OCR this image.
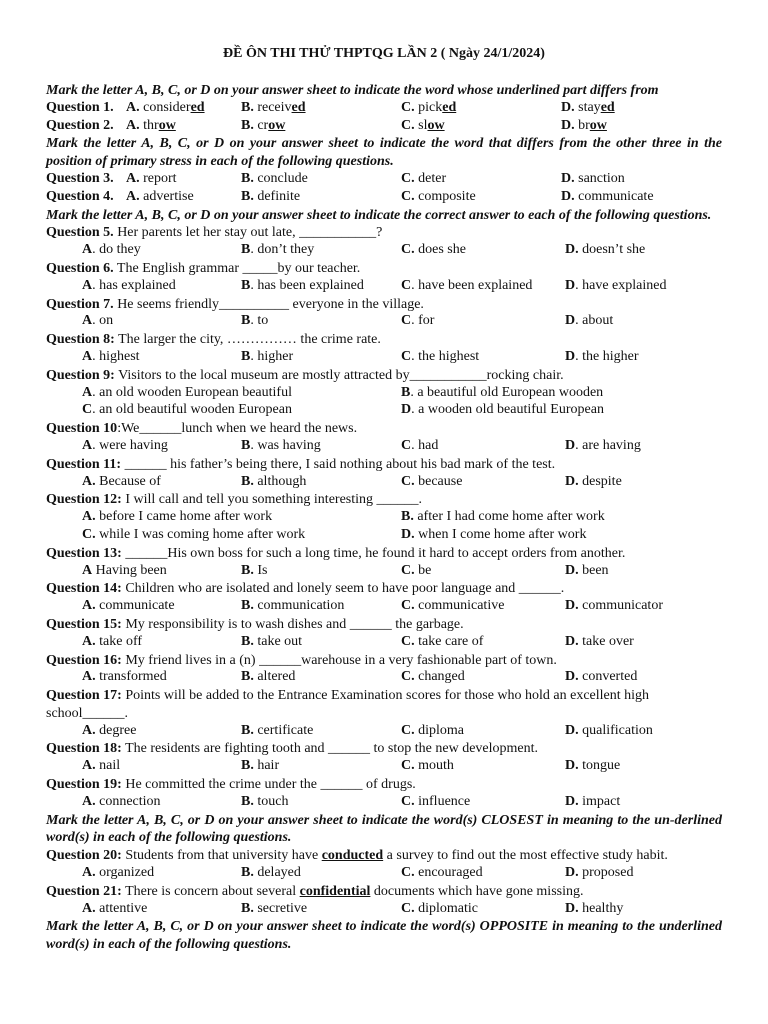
ĐỀ ÔN THI THỬ THPTQG LẦN 2 ( Ngày 24/1/2024)
Mark the letter A, B, C, or D on your answer sheet to indicate the word whose underlined part differs from
Question 1. A. considered	B. received	C. picked	D. stayed
Question 2. A. throw	B. crow	C. slow	D. brow
Mark the letter A, B, C, or D on your answer sheet to indicate the word that differs from the other three in the position of primary stress in each of the following questions.
Question 3. A. report	B. conclude	C. deter	D. sanction
Question 4. A. advertise	B. definite	C. composite	D. communicate
Mark the letter A, B, C, or D on your answer sheet to indicate the correct answer to each of the following questions.
Question 5. Her parents let her stay out late, ___________?
A. do they	B. don’t they	C. does she	D. doesn’t she
Question 6. The English grammar _____by our teacher.
A. has explained	B. has been explained	C. have been explained D. have explained
Question 7. He seems friendly__________ everyone in the village.
A. on	B. to	C. for	D. about
Question 8: The larger the city, …………… the crime rate.
A. highest	B. higher	C. the highest	D. the higher
Question 9: Visitors to the local museum are mostly attracted by___________rocking chair.
A. an old wooden European beautiful	B. a beautiful old European wooden
C. an old beautiful wooden European	D. a wooden old beautiful European
Question 10:We______lunch when we heard the news.
A. were having	B. was having	C. had	D. are having
Question 11: ______ his father’s being there, I said nothing about his bad mark of the test.
A. Because of	B. although	C. because	D. despite
Question 12: I will call and tell you something interesting ______.
A. before I came home after work	B. after I had come home after work
C. while I was coming home after work	D. when I come home after work
Question 13: ______His own boss for such a long time, he found it hard to accept orders from another.
A Having been	B. Is	C. be	D. been
Question 14: Children who are isolated and lonely seem to have poor language and ______.
A. communicate	B. communication	C. communicative	D. communicator
Question 15: My responsibility is to wash dishes and ______ the garbage.
A. take off	B. take out	C. take care of	D. take over
Question 16: My friend lives in a (n) ______warehouse in a very fashionable part of town.
A. transformed	B. altered	C. changed	D. converted
Question 17: Points will be added to the Entrance Examination scores for those who hold an excellent high school______.
A. degree	B. certificate	C. diploma	D. qualification
Question 18: The residents are fighting tooth and ______ to stop the new development.
A. nail	B. hair	C. mouth	D. tongue
Question 19: He committed the crime under the ______ of drugs.
A. connection	B. touch	C. influence	D. impact
Mark the letter A, B, C, or D on your answer sheet to indicate the word(s) CLOSEST in meaning to the un-derlined word(s) in each of the following questions.
Question 20: Students from that university have conducted a survey to find out the most effective study habit.
A. organized	B. delayed	C. encouraged	D. proposed
Question 21: There is concern about several confidential documents which have gone missing.
A. attentive	B. secretive	C. diplomatic	D. healthy
Mark the letter A, B, C, or D on your answer sheet to indicate the word(s) OPPOSITE in meaning to the underlined word(s) in each of the following questions.
